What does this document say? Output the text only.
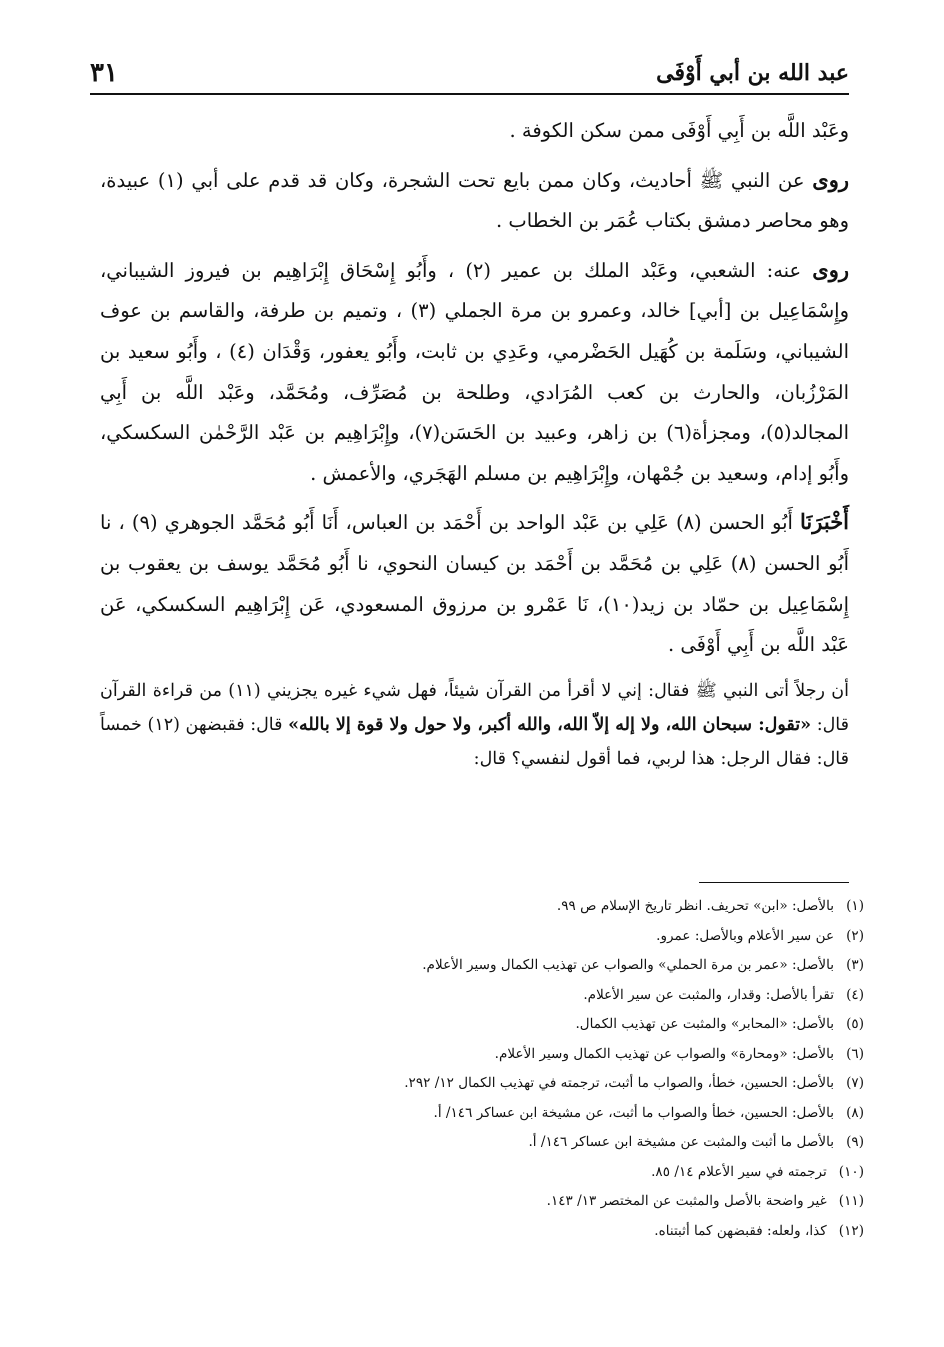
عبد الله بن أبي أَوْفَى
٣١

وعَبْد اللَّه بن أَبِي أَوْفَى ممن سكن الكوفة .

روى عن النبي ﷺ أحاديث، وكان ممن بايع تحت الشجرة، وكان قد قدم على أبي (١) عبيدة، وهو محاصر دمشق بكتاب عُمَر بن الخطاب .

روى عنه: الشعبي، وعَبْد الملك بن عمير (٢) ، وأَبُو إِسْحَاق إِبْرَاهِيم بن فيروز الشيباني، وإِسْمَاعِيل بن [أبي] خالد، وعمرو بن مرة الجملي (٣) ، وتميم بن طرفة، والقاسم بن عوف الشيباني، وسَلَمة بن كُهَيل الحَضْرمي، وعَدِي بن ثابت، وأَبُو يعفور، وَقْدَان (٤) ، وأَبُو سعيد بن المَرْزُبان، والحارث بن كعب المُرَادي، وطلحة بن مُصَرِّف، ومُحَمَّد، وعَبْد اللَّه بن أَبِي المجالد(٥)، ومجزأة(٦) بن زاهر، وعبيد بن الحَسَن(٧)، وإِبْرَاهِيم بن عَبْد الرَّحْمٰن السكسكي، وأَبُو إدام، وسعيد بن جُمْهان، وإِبْرَاهِيم بن مسلم الهَجَري، والأعمش .

أَخْبَرَنَا أَبُو الحسن (٨) عَلِي بن عَبْد الواحد بن أَحْمَد بن العباس، أَنَا أَبُو مُحَمَّد الجوهري (٩) ، نا أَبُو الحسن (٨) عَلِي بن مُحَمَّد بن أَحْمَد بن كيسان النحوي، نا أَبُو مُحَمَّد يوسف بن يعقوب بن إِسْمَاعِيل بن حمّاد بن زيد(١٠)، نَا عَمْرو بن مرزوق المسعودي، عَن إِبْرَاهِيم السكسكي، عَن عَبْد اللَّه بن أَبِي أَوْفَى .

أن رجلاً أتى النبي ﷺ فقال: إني لا أقرأ من القرآن شيئاً، فهل شيء غيره يجزيني (١١) من قراءة القرآن قال: «تقول: سبحان الله، ولا إله إلاّ الله، والله أكبر، ولا حول ولا قوة إلا بالله» قال: فقبضهن (١٢) خمساً قال: فقال الرجل: هذا لربي، فما أقول لنفسي؟ قال:

(١)بالأصل: «ابن» تحريف. انظر تاريخ الإسلام ص ٩٩.
(٢)عن سير الأعلام وبالأصل: عمرو.
(٣)بالأصل: «عمر بن مرة الحملي» والصواب عن تهذيب الكمال وسير الأعلام.
(٤)تقرأ بالأصل: وقدار، والمثبت عن سير الأعلام.
(٥)بالأصل: «المحابر» والمثبت عن تهذيب الكمال.
(٦)بالأصل: «ومحارة» والصواب عن تهذيب الكمال وسير الأعلام.
(٧)بالأصل: الحسين، خطأ، والصواب ما أثبت، ترجمته في تهذيب الكمال ١٢/ ٢٩٢.
(٨)بالأصل: الحسين، خطأ والصواب ما أثبت، عن مشيخة ابن عساكر ١٤٦/ أ.
(٩)بالأصل ما أثبت والمثبت عن مشيخة ابن عساكر ١٤٦/ أ.
(١٠)ترجمته في سير الأعلام ١٤/ ٨٥.
(١١)غير واضحة بالأصل والمثبت عن المختصر ١٣/ ١٤٣.
(١٢)كذا، ولعله: فقبضهن كما أثبتناه.
